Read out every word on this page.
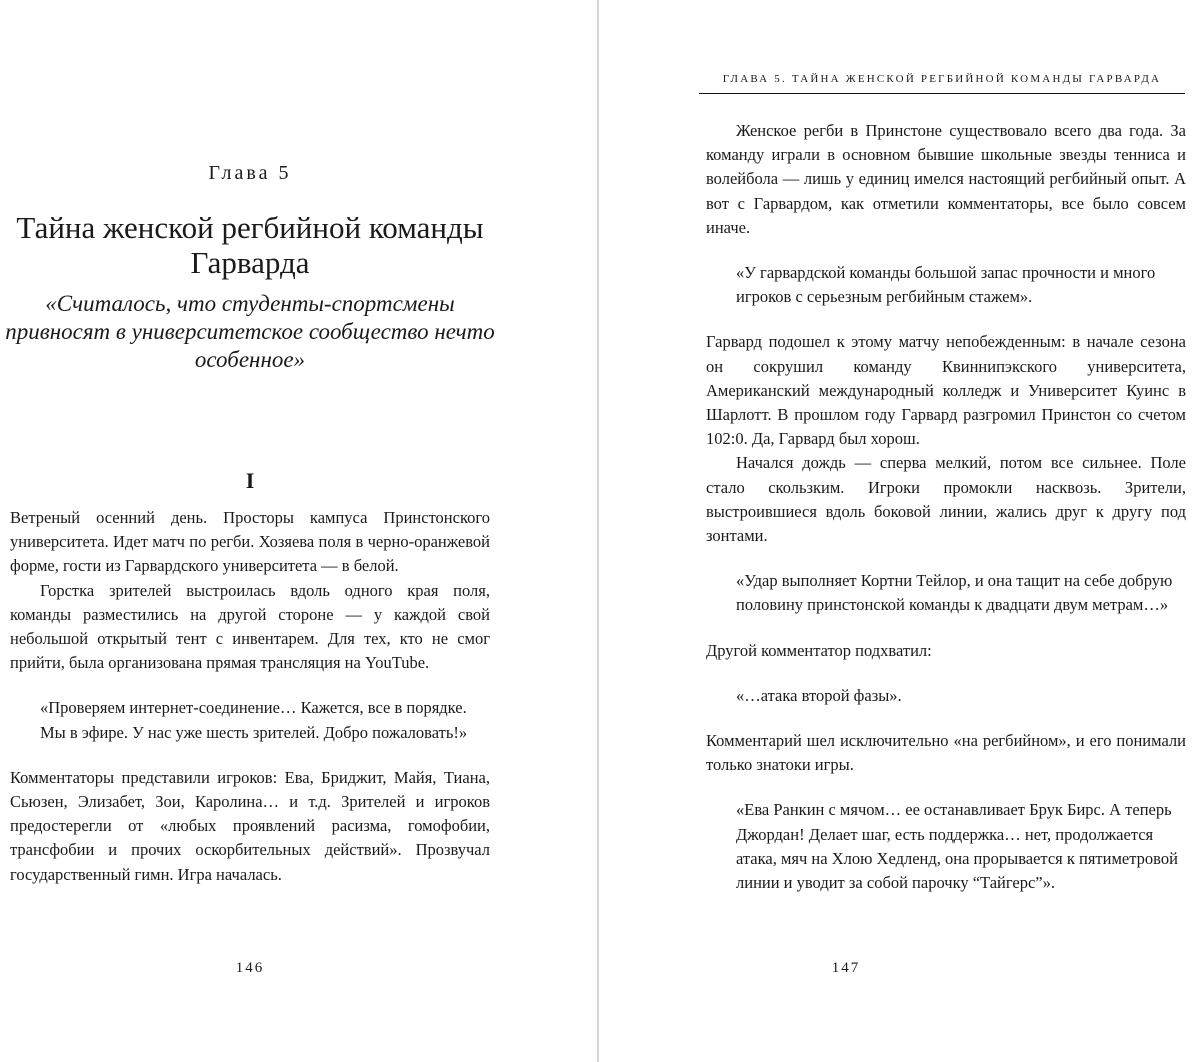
Глава 5
Тайна женской регбийной команды Гарварда
«Считалось, что студенты-спортсмены привносят в университетское сообщество нечто особенное»
I

Ветреный осенний день. Просторы кампуса Принстонского университета. Идет матч по регби. Хозяева поля в черно-оранжевой форме, гости из Гарвардского университета — в белой.

Горстка зрителей выстроилась вдоль одного края поля, команды разместились на другой стороне — у каждой свой небольшой открытый тент с инвентарем. Для тех, кто не смог прийти, была организована прямая трансляция на YouTube.

«Проверяем интернет-соединение… Кажется, все в порядке. Мы в эфире. У нас уже шесть зрителей. Добро пожаловать!»

Комментаторы представили игроков: Ева, Бриджит, Майя, Тиана, Сьюзен, Элизабет, Зои, Каролина… и т.д. Зрителей и игроков предостерегли от «любых проявлений расизма, гомофобии, трансфобии и прочих оскорбительных действий». Прозвучал государственный гимн. Игра началась.

146
ГЛАВА 5. ТАЙНА ЖЕНСКОЙ РЕГБИЙНОЙ КОМАНДЫ ГАРВАРДА

Женское регби в Принстоне существовало всего два года. За команду играли в основном бывшие школьные звезды тенниса и волейбола — лишь у единиц имелся настоящий регбийный опыт. А вот с Гарвардом, как отметили комментаторы, все было совсем иначе.

«У гарвардской команды большой запас прочности и много игроков с серьезным регбийным стажем».

Гарвард подошел к этому матчу непобежденным: в начале сезона он сокрушил команду Квиннипэкского университета, Американский международный колледж и Университет Куинс в Шарлотт. В прошлом году Гарвард разгромил Принстон со счетом 102:0. Да, Гарвард был хорош.

Начался дождь — сперва мелкий, потом все сильнее. Поле стало скользким. Игроки промокли насквозь. Зрители, выстроившиеся вдоль боковой линии, жались друг к другу под зонтами.

«Удар выполняет Кортни Тейлор, и она тащит на себе добрую половину принстонской команды к двадцати двум метрам…»

Другой комментатор подхватил:

«…атака второй фазы».

Комментарий шел исключительно «на регбийном», и его понимали только знатоки игры.

«Ева Ранкин с мячом… ее останавливает Брук Бирс. А теперь Джордан! Делает шаг, есть поддержка… нет, продолжается атака, мяч на Хлою Хедленд, она прорывается к пятиметровой линии и уводит за собой парочку “Тайгерс”».

147
